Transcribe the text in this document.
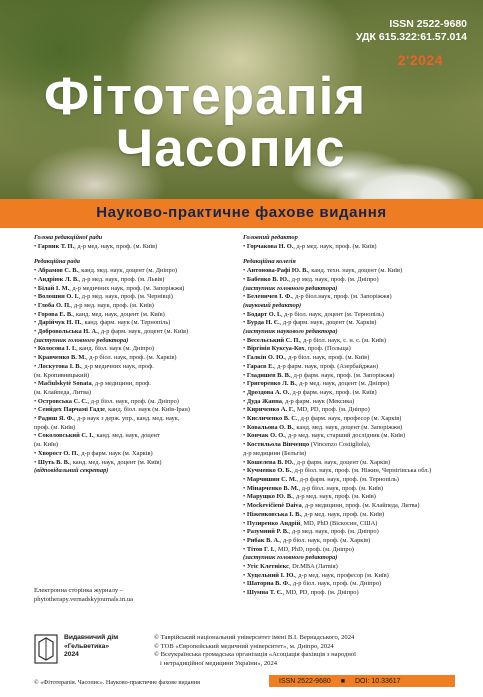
ISSN 2522-9680
УДК 615.322:61.57.014
2'2024
Фітотерапія
Часопис
Науково-практичне фахове видання
Голова редакційної ради
• Гарник Т. П., д-р мед. наук, проф. (м. Київ)
Редакційна рада
• Абрамов С. В., канд. мед. наук, доцент (м. Дніпро)
• Андріюк Л. В., д-р мед. наук, проф. (м. Львів)
• Білай І. М., д-р медичних наук, проф. (м. Запоріжжя)
• Волошин О. І., д-р мед. наук, проф. (м. Чернівці)
• Глоба О. П., д-р мед. наук, проф. (м. Київ)
• Горова Е. В., канд. мед. наук, доцент (м. Київ)
• Дарійчук Н. П., канд. фарм. наук (м. Тернопіль)
• Добровольська Н. А., д-р фарм. наук, доцент (м. Київ)
(заступник головного редактора)
• Колосова І. І., канд. біол. наук (м. Дніпро)
• Кравченко В. М., д-р біол. наук, проф. (м. Харків)
• Лоскутова І. В., д-р медичних наук, проф.
(м. Кропивницький)
• Mačiulskytė Sonata, д-р медицини, проф.
(м. Клайпеда, Литва)
• Островська С. С., д-р біол. наук, проф. (м. Дніпро)
• Сеийдех Парчамі Гадзе, канд. біол. наук (м. Київ-Іран)
• Радиш Я. Ф., д-р наук з держ. упр., канд. мед. наук,
проф. (м. Київ)
• Соколовський С. І., канд. мед. наук, доцент
(м. Київ)
• Хворост О. П., д-р фарм. наук (м. Харків)
• Шуть В. В., канд. мед. наук, доцент (м. Київ)
(відповідальний секретар)
Головний редактор
• Горчакова Н. О., д-р мед. наук, проф. (м. Київ)
Редакційна колегія
• Антонова-Рафі Ю. В., канд. техн. наук, доцент (м. Київ)
• Бабенко В. Ю., д-р мед. наук, проф. (м. Дніпро)
(заступник головного редактора)
• Беленичев І. Ф., д-р біол.наук, проф. (м. Запоріжжя)
(науковий редактор)
• Бодарт О. І., д-р біол. наук, доцент (м. Тернопіль)
• Бурда Н. Є., д-р фарм. наук, доцент (м. Харків)
(заступник наукового редактора)
• Весельський С. П., д-р біол. наук, с. н. с. (м. Київ)
• Віргінія Куксуа-Кох, проф. (Польща)
• Галкін О. Ю., д-р біол. наук, проф. (м. Київ)
• Гараєв Е., д-р фарм. наук, проф. (Азербайджан)
• Гладишев В. В., д-р фарм. наук, проф. (м. Запоріжжя)
• Григоренко Л. В., д-р мед. наук, доцент (м. Дніпро)
• Дроздова А. О., д-р фарм. наук, проф. (м. Київ)
• Дуда Жанна, д-р фарм. наук (Мексика)
• Кириченко А. Г., MD, PD, проф. (м. Дніпро)
• Кисличенко В. С., д-р фарм. наук, професор (м. Харків)
• Ковальова О. В., канд. мед. наук, доцент (м. Запоріжжя)
• Кончак О. О., д-р мед. наук, старший дослідник (м. Київ)
• Костильола Вінченцо (Vincenzo Costigliola),
д-р медицини (Бельгія)
• Кошелева В. Ю., д-р фарм. наук, доцент (м. Харків)
• Кучменко О. Б., д-р біол. наук, проф. (м. Ніжин, Чернігівська обл.)
• Марчишин С. М., д-р фарм. наук, проф. (м. Тернопіль)
• Мінарченко В. М., д-р біол. наук, проф. (м. Київ)
• Марущко Ю. В., д-р мед. наук, проф. (м. Київ)
• Mockevičienė Daiva, д-р медицини, проф. (м. Клайпеда, Литва)
• Ніженковська І. В., д-р мед. наук, проф. (м. Київ)
• Пузиренко Андрій, MD, PhD (Віскосин, США)
• Разумний Р. В., д-р мед. наук, проф. (м. Дніпро)
• Рибак В. А., д-р біол. наук, проф. (м. Харків)
• Тітов Г. І., MD, PhD, проф. (м. Дніпро)
(заступник головного редактора)
• Угіс Клетніекс, Dr.MBA (Латвія)
• Хуцельний І. Ю., д-р мед. наук, професор (м. Київ)
• Шаторна В. Ф., д-р біол. наук, проф. (м. Дніпро)
• Шумна Т. Є., MD, PD, проф. (м. Дніпро)
Електронна сторінка журналу –
phytotherapy.vernadskyjournals.in.ua
Видавничий дім
«Гельветика»
2024
© Таврійський національний університет імені В.І. Вернадського, 2024
© ТОВ «Європейський медичний університет», м. Дніпро, 2024
© Всеукраїнська громадська організація «Асоціація фахівців з народної
і нетрадиційної медицини України», 2024
© «Фітотерапія. Часопис». Науково-практичне фахове видання	ISSN 2522-9680 ■ DOI: 10.33617
